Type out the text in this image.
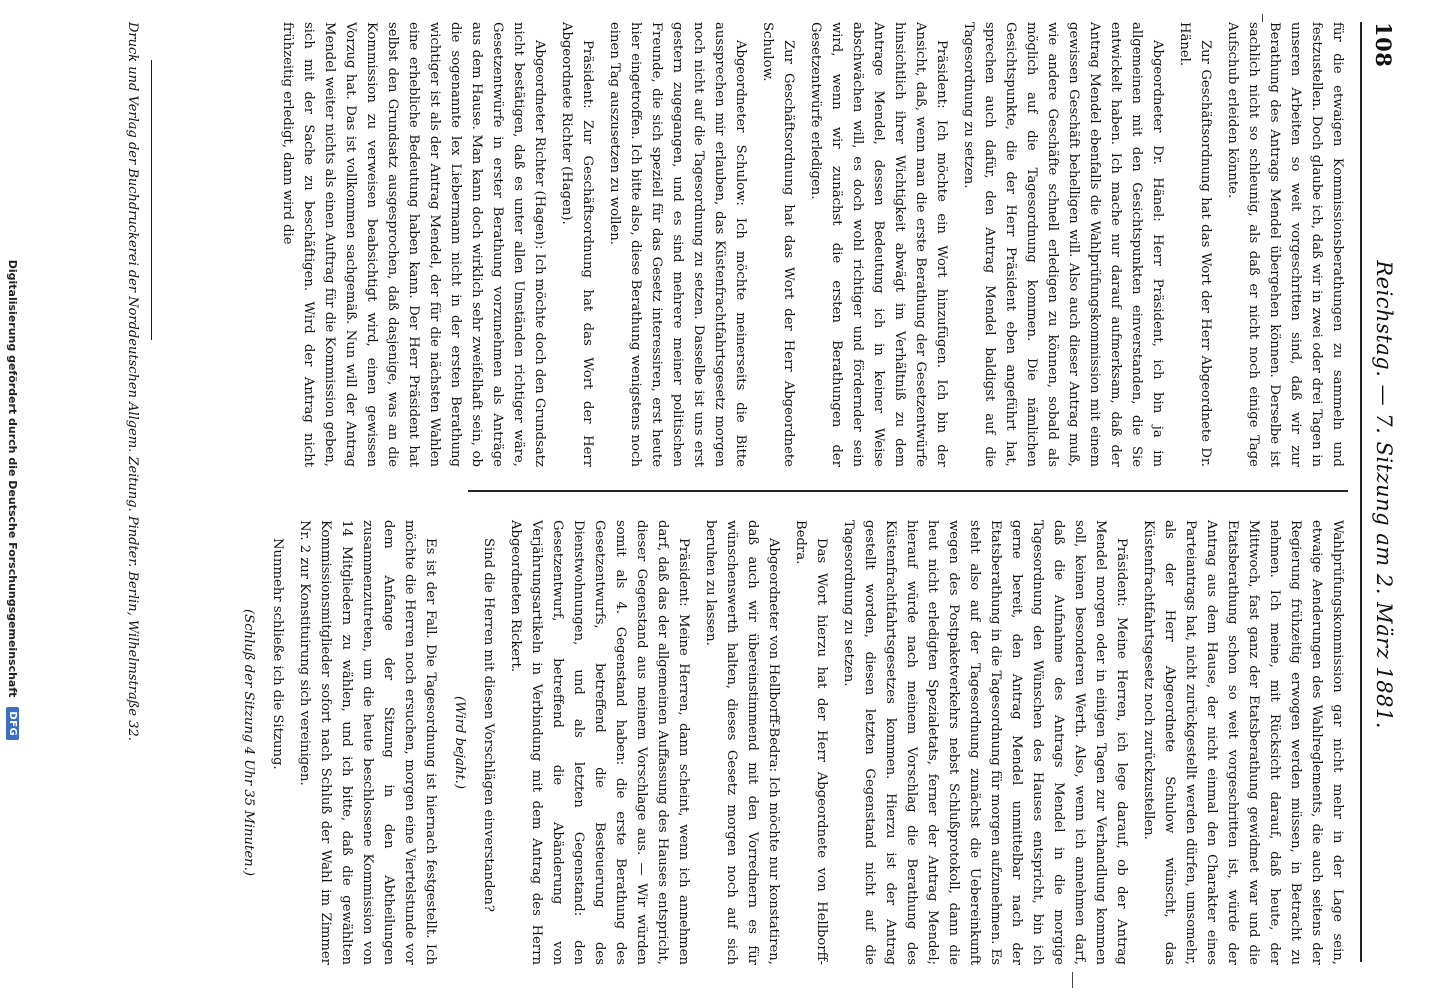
108
Reichstag. — 7. Sitzung am 2. März 1881.

für die etwaigen Kommissionsberathungen zu sammeln und festzustellen. Doch glaube ich, daß wir in zwei oder drei Tagen in unseren Arbeiten so weit vorgeschritten sind, daß wir zur Berathung des Antrags Mendel übergehen können. Derselbe ist sachlich nicht so schleunig, als daß er nicht noch einige Tage Aufschub erleiden könnte.

Zur Geschäftsordnung hat das Wort der Herr Abgeordnete Dr. Hänel.

Abgeordneter Dr. Hänel: Herr Präsident, ich bin ja im allgemeinen mit den Gesichtspunkten einverstanden, die Sie entwickelt haben. Ich mache nur darauf aufmerksam, daß der Antrag Mendel ebenfalls die Wahlprüfungskommission mit einem gewissen Geschäft behelligen will. Also auch dieser Antrag muß, wie andere Geschäfte schnell erledigen zu können, sobald als möglich auf die Tagesordnung kommen. Die nämlichen Gesichtspunkte, die der Herr Präsident eben angeführt hat, sprechen auch dafür, den Antrag Mendel baldigst auf die Tagesordnung zu setzen.

Präsident: Ich möchte ein Wort hinzufügen. Ich bin der Ansicht, daß, wenn man die erste Berathung der Gesetzentwürfe hinsichtlich ihrer Wichtigkeit abwägt im Verhältniß zu dem Antrage Mendel, dessen Bedeutung ich in keiner Weise abschwächen will, es doch wohl richtiger und fördernder sein wird, wenn wir zunächst die ersten Berathungen der Gesetzentwürfe erledigen.

Zur Geschäftsordnung hat das Wort der Herr Abgeordnete Schulow.

Abgeordneter Schulow: Ich möchte meinerseits die Bitte aussprechen mir erlauben, das Küstenfrachtfahrtsgesetz morgen noch nicht auf die Tagesordnung zu setzen. Dasselbe ist uns erst gestern zugegangen, und es sind mehrere meiner politischen Freunde, die sich speziell für das Gesetz interessiren, erst heute hier eingetroffen. Ich bitte also, diese Berathung wenigstens noch einen Tag auszusetzen zu wollen.

Präsident: Zur Geschäftsordnung hat das Wort der Herr Abgeordnete Richter (Hagen).

Abgeordneter Richter (Hagen): Ich möchte doch den Grundsatz nicht bestätigen, daß es unter allen Umständen richtiger wäre, Gesetzentwürfe in erster Berathung vorzunehmen als Anträge aus dem Hause. Man kann doch wirklich sehr zweifelhaft sein, ob die sogenannte lex Liebermann nicht in der ersten Berathung wichtiger ist als der Antrag Mendel, der für die nächsten Wahlen eine erhebliche Bedeutung haben kann. Der Herr Präsident hat selbst den Grundsatz ausgesprochen, daß dasjenige, was an die Kommission zu verweisen beabsichtigt wird, einen gewissen Vorzug hat. Das ist vollkommen sachgemäß. Nun will der Antrag Mendel weiter nichts als einen Auftrag für die Kommission geben, sich mit der Sache zu beschäftigen. Wird der Antrag nicht frühzeitig erledigt, dann wird die

Wahlprüfungskommission gar nicht mehr in der Lage sein, etwaige Aenderungen des Wahlreglements, die auch seitens der Regierung frühzeitig erwogen werden müssen, in Betracht zu nehmen. Ich meine, mit Rücksicht darauf, daß heute, der Mittwoch, fast ganz der Etatsberathung gewidmet war und die Etatsberathung schon so weit vorgeschritten ist, würde der Antrag aus dem Hause, der nicht einmal den Charakter eines Parteiantrags hat, nicht zurückgestellt werden dürfen, umsomehr, als der Herr Abgeordnete Schulow wünscht, das Küstenfrachtfahrtsgesetz noch zurückzustellen.

Präsident: Meine Herren, ich lege darauf, ob der Antrag Mendel morgen oder in einigen Tagen zur Verhandlung kommen soll, keinen besonderen Werth. Also, wenn ich annehmen darf, daß die Aufnahme des Antrags Mendel in die morgige Tagesordnung den Wünschen des Hauses entspricht, bin ich gerne bereit, den Antrag Mendel unmittelbar nach der Etatsberathung in die Tagesordnung für morgen aufzunehmen. Es steht also auf der Tagesordnung zunächst die Uebereinkunft wegen des Postpaketverkehrs nebst Schlußprotokoll, dann die heut nicht erledigten Spezialetats, ferner der Antrag Mendel; hierauf würde nach meinem Vorschlag die Berathung des Küstenfrachtfahrtsgesetzes kommen. Hierzu ist der Antrag gestellt worden, diesen letzten Gegenstand nicht auf die Tagesordnung zu setzen.

Das Wort hierzu hat der Herr Abgeordnete von Hellborff-Bedra.

Abgeordneter von Hellborff-Bedra: Ich möchte nur konstatiren, daß auch wir übereinstimmend mit den Vorrednern es für wünschenswerth halten, dieses Gesetz morgen noch auf sich beruhen zu lassen.

Präsident: Meine Herren, dann scheint, wenn ich annehmen darf, daß das der allgemeinen Auffassung des Hauses entspricht, dieser Gegenstand aus meinem Vorschlage aus. — Wir würden somit als 4. Gegenstand haben: die erste Berathung des Gesetzentwurfs, betreffend die Besteuerung des Dienstwohnungen, und als letzten Gegenstand: den Gesetzentwurf, betreffend die Abänderung von Verjährungsartikeln in Verbindung mit dem Antrag des Herrn Abgeordneten Rickert.

Sind die Herren mit diesen Vorschlägen einverstanden?

(Wird bejaht.)

Es ist der Fall. Die Tagesordnung ist hiernach festgestellt. Ich möchte die Herren noch ersuchen, morgen eine Viertelstunde vor dem Anfange der Sitzung in den Abtheilungen zusammenzutreten, um die heute beschlossene Kommission von 14 Mitgliedern zu wählen, und ich bitte, daß die gewählten Kommissionsmitglieder sofort nach Schluß der Wahl im Zimmer Nr. 2 zur Konstituirung sich vereinigen.

Nunmehr schließe ich die Sitzung.

(Schluß der Sitzung 4 Uhr 35 Minuten.)

Druck und Verlag der Buchdruckerei der Norddeutschen Allgem. Zeitung. Pindter. Berlin, Wilhelmstraße 32.
Digitalisierung gefördert durch die Deutsche Forschungsgemeinschaft
DFG
